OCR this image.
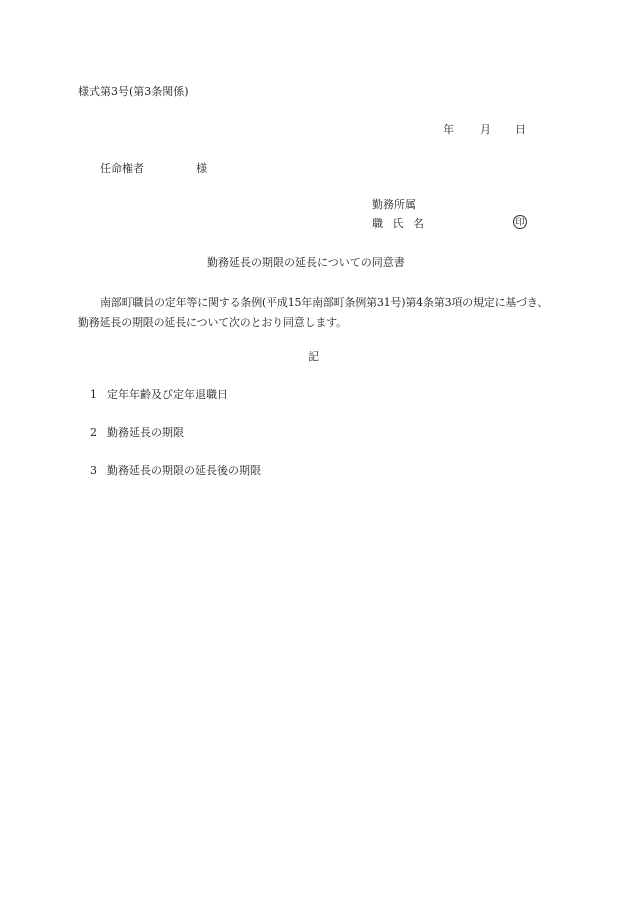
様式第3号(第3条関係)
年 月 日
任命権者	様
勤務所属
職 氏 名	印
勤務延長の期限の延長についての同意書

南部町職員の定年等に関する条例(平成15年南部町条例第31号)第4条第3項の規定に基づき、勤務延長の期限の延長について次のとおり同意します。

記
1 定年年齢及び定年退職日
2 勤務延長の期限
3 勤務延長の期限の延長後の期限
